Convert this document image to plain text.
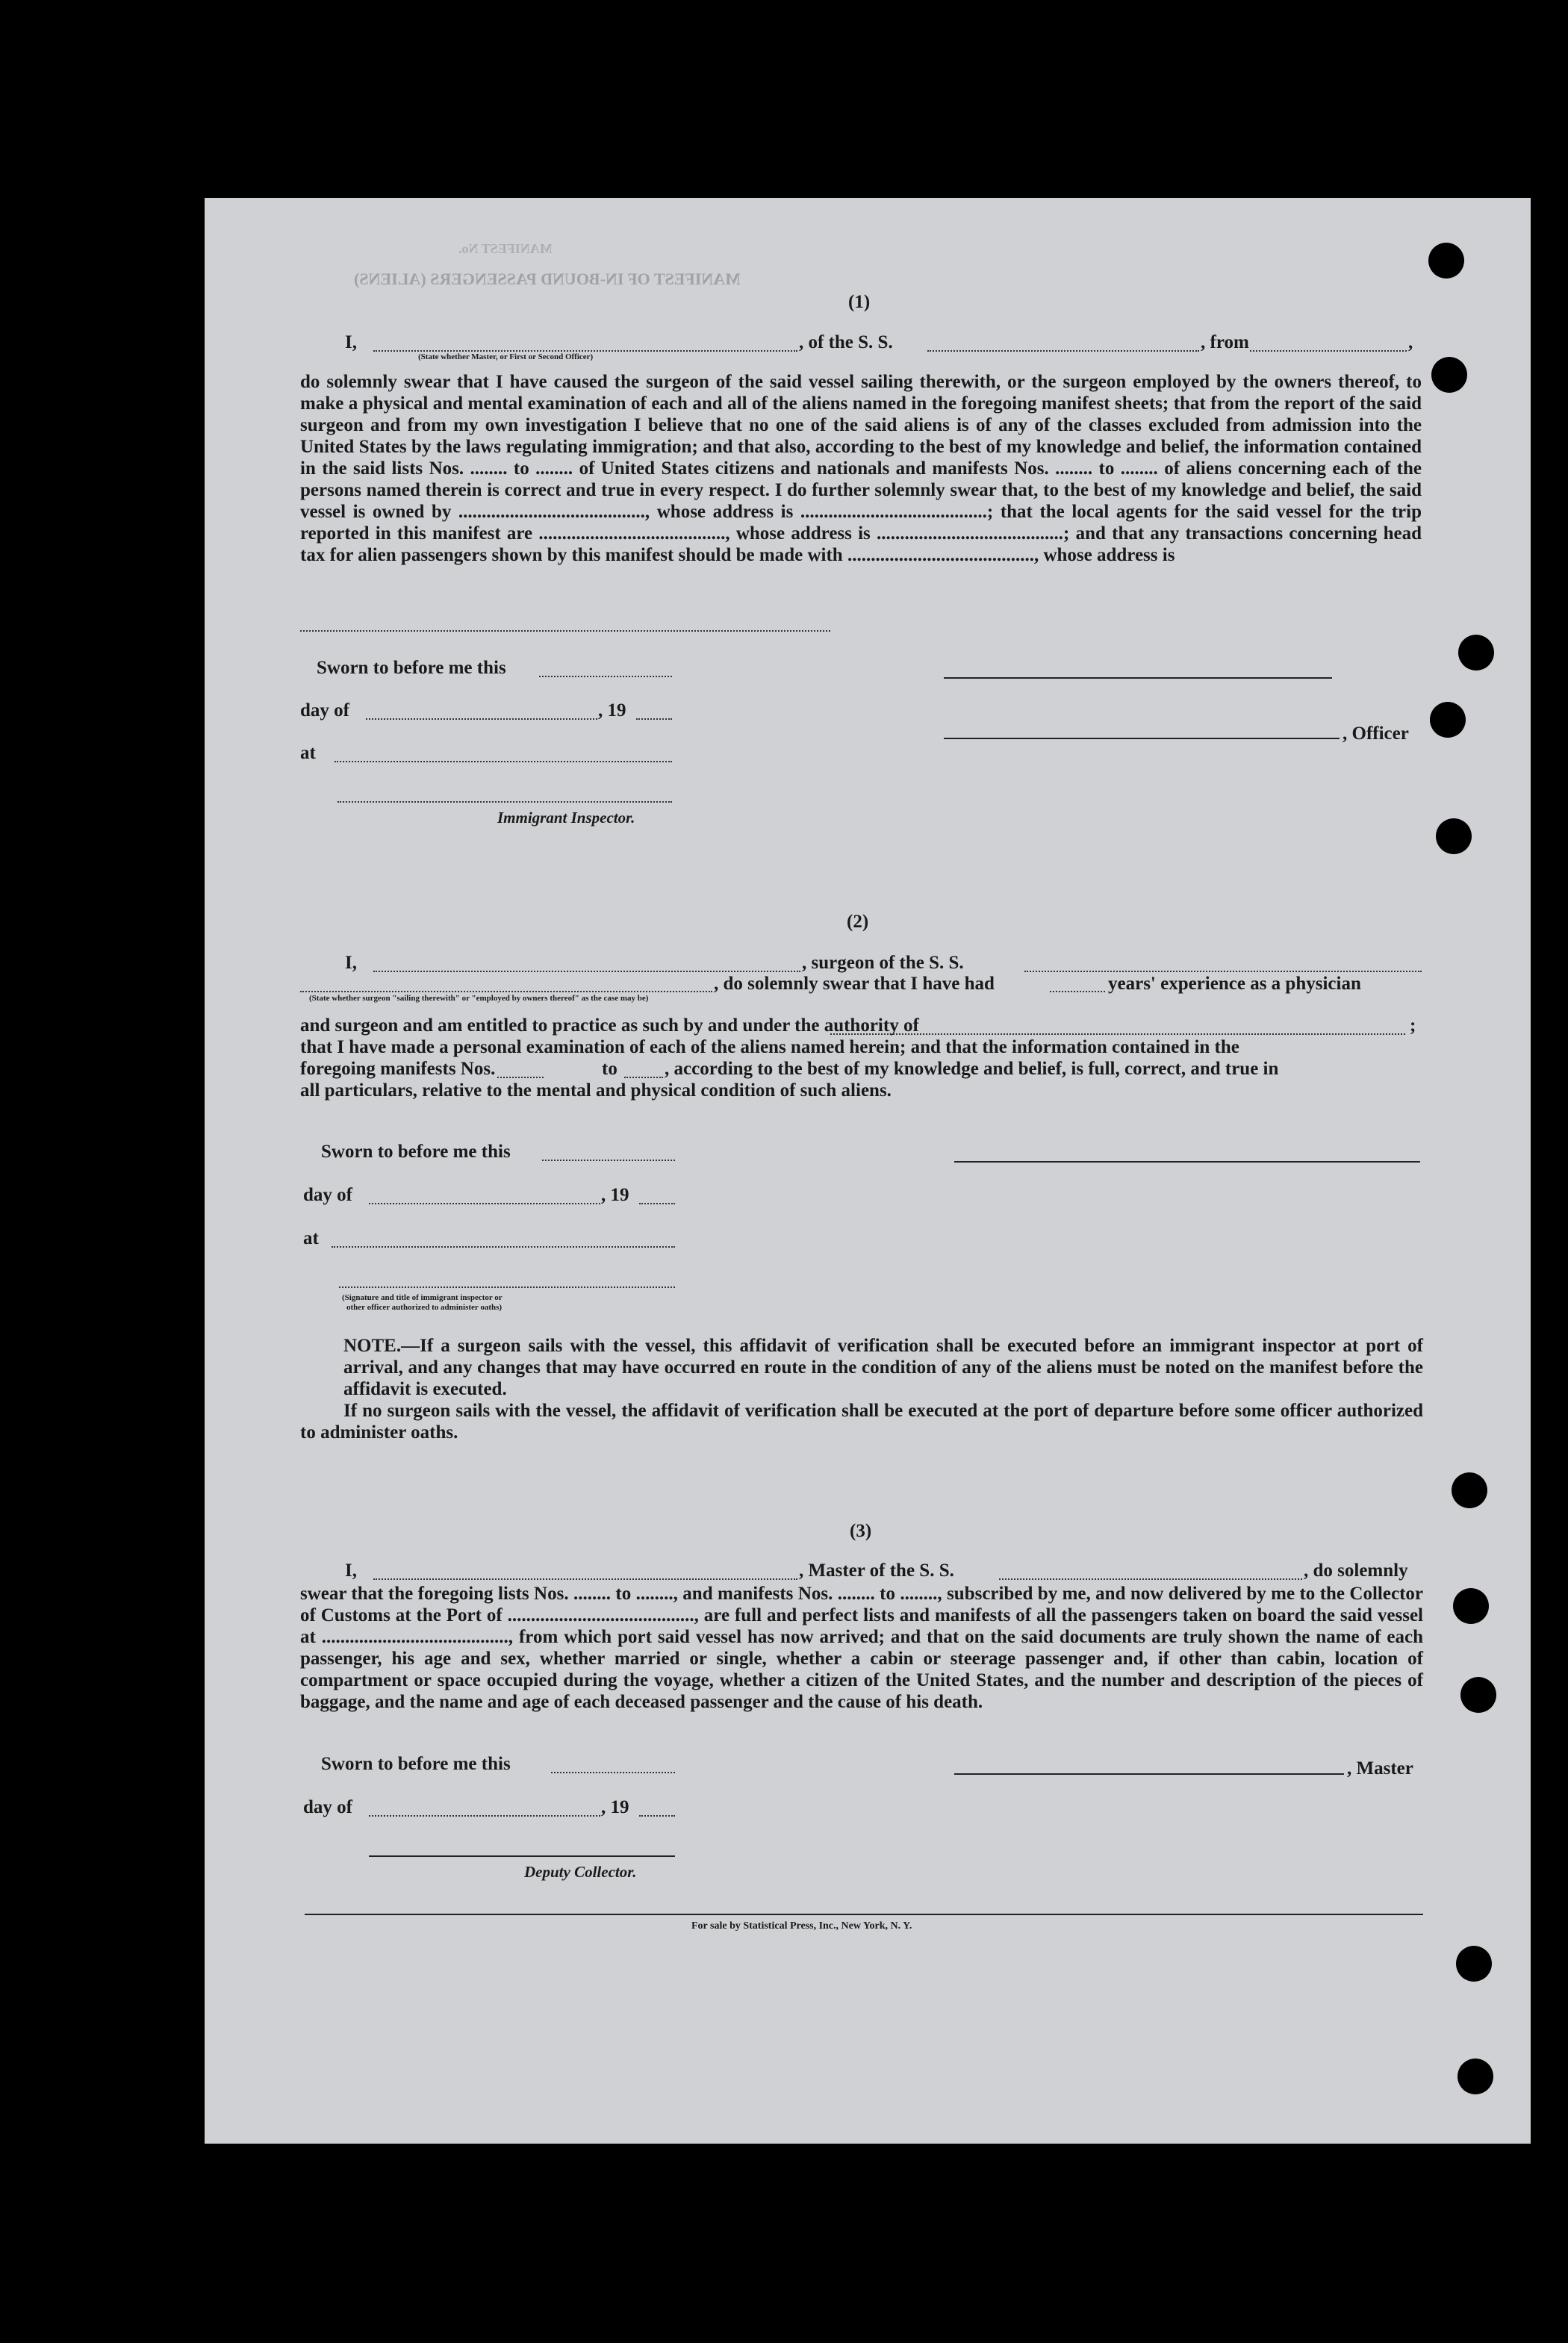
MANIFEST OF IN-BOUND PASSENGERS (ALIENS)
MANIFEST No.
(1)
I,	, of the S. S.	, from	,
(State whether Master, or First or Second Officer)
do solemnly swear that I have caused the surgeon of the said vessel sailing therewith, or the surgeon employed by the owners thereof, to make a physical and mental examination of each and all of the aliens named in the foregoing manifest sheets; that from the report of the said surgeon and from my own investigation I believe that no one of the said aliens is of any of the classes excluded from admission into the United States by the laws regulating immigration; and that also, according to the best of my knowledge and belief, the information contained in the said lists Nos. ........ to ........ of United States citizens and nationals and manifests Nos. ........ to ........ of aliens concerning each of the persons named therein is correct and true in every respect. I do further solemnly swear that, to the best of my knowledge and belief, the said vessel is owned by ........................................, whose address is ........................................; that the local agents for the said vessel for the trip reported in this manifest are ........................................, whose address is ........................................; and that any transactions concerning head tax for alien passengers shown by this manifest should be made with ........................................, whose address is
Sworn to before me this
day of	, 19
at
Immigrant Inspector.
, Officer
(2)
I,	, surgeon of the S. S.
, do solemnly swear that I have had	years' experience as a physician
(State whether surgeon "sailing therewith" or "employed by owners thereof" as the case may be)
and surgeon and am entitled to practice as such by and under the authority of	;
that I have made a personal examination of each of the aliens named herein; and that the information contained in the
foregoing manifests Nos.	to	, according to the best of my knowledge and belief, is full, correct, and true in
all particulars, relative to the mental and physical condition of such aliens.
Sworn to before me this
day of	, 19
at
(Signature and title of immigrant inspector or
other officer authorized to administer oaths)
NOTE.—If a surgeon sails with the vessel, this affidavit of verification shall be executed before an immigrant inspector at port of arrival, and any changes that may have occurred en route in the condition of any of the aliens must be noted on the manifest before the affidavit is executed.
If no surgeon sails with the vessel, the affidavit of verification shall be executed at the port of departure before some officer authorized to administer oaths.
(3)
I,	, Master of the S. S.	, do solemnly
swear that the foregoing lists Nos. ........ to ........, and manifests Nos. ........ to ........, subscribed by me, and now delivered by me to the Collector of Customs at the Port of ........................................, are full and perfect lists and manifests of all the passengers taken on board the said vessel at ........................................, from which port said vessel has now arrived; and that on the said documents are truly shown the name of each passenger, his age and sex, whether married or single, whether a cabin or steerage passenger and, if other than cabin, location of compartment or space occupied during the voyage, whether a citizen of the United States, and the number and description of the pieces of baggage, and the name and age of each deceased passenger and the cause of his death.
Sworn to before me this
day of	, 19
Deputy Collector.
, Master
For sale by Statistical Press, Inc., New York, N. Y.
